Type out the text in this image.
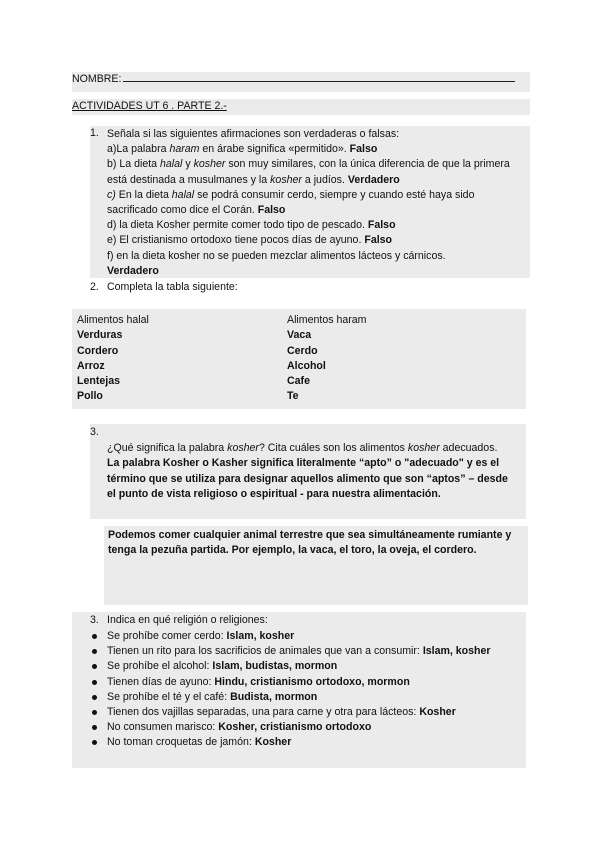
NOMBRE:
ACTIVIDADES UT 6 . PARTE 2.-
1. Señala si las siguientes afirmaciones son verdaderas o falsas:
a)La palabra haram en árabe significa «permitido». Falso
b) La dieta halal y kosher son muy similares, con la única diferencia de que la primera está destinada a musulmanes y la kosher a judíos. Verdadero
c) En la dieta halal se podrá consumir cerdo, siempre y cuando esté haya sido sacrificado como dice el Corán. Falso
d) la dieta Kosher permite comer todo tipo de pescado. Falso
e) El cristianismo ortodoxo tiene pocos días de ayuno. Falso
f) en la dieta kosher no se pueden mezclar alimentos lácteos y cárnicos.
Verdadero
2. Completa la tabla siguiente:
Alimentos halal
Verduras
Cordero
Arroz
Lentejas
Pollo
Alimentos haram
Vaca
Cerdo
Alcohol
Cafe
Te
3.
¿Qué significa la palabra kosher? Cita cuáles son los alimentos kosher adecuados. La palabra Kosher o Kasher significa literalmente “apto” o "adecuado" y es el término que se utiliza para designar aquellos alimento que son “aptos” – desde el punto de vista religioso o espiritual - para nuestra alimentación.
Podemos comer cualquier animal terrestre que sea simultáneamente rumiante y tenga la pezuña partida. Por ejemplo, la vaca, el toro, la oveja, el cordero.
3. Indica en qué religión o religiones:
Se prohíbe comer cerdo: Islam, kosher
Tienen un rito para los sacrificios de animales que van a consumir: Islam, kosher
Se prohíbe el alcohol: Islam, budistas, mormon
Tienen días de ayuno: Hindu, cristianismo ortodoxo, mormon
Se prohíbe el té y el café: Budista, mormon
Tienen dos vajillas separadas, una para carne y otra para lácteos: Kosher
No consumen marisco: Kosher, cristianismo ortodoxo
No toman croquetas de jamón: Kosher
